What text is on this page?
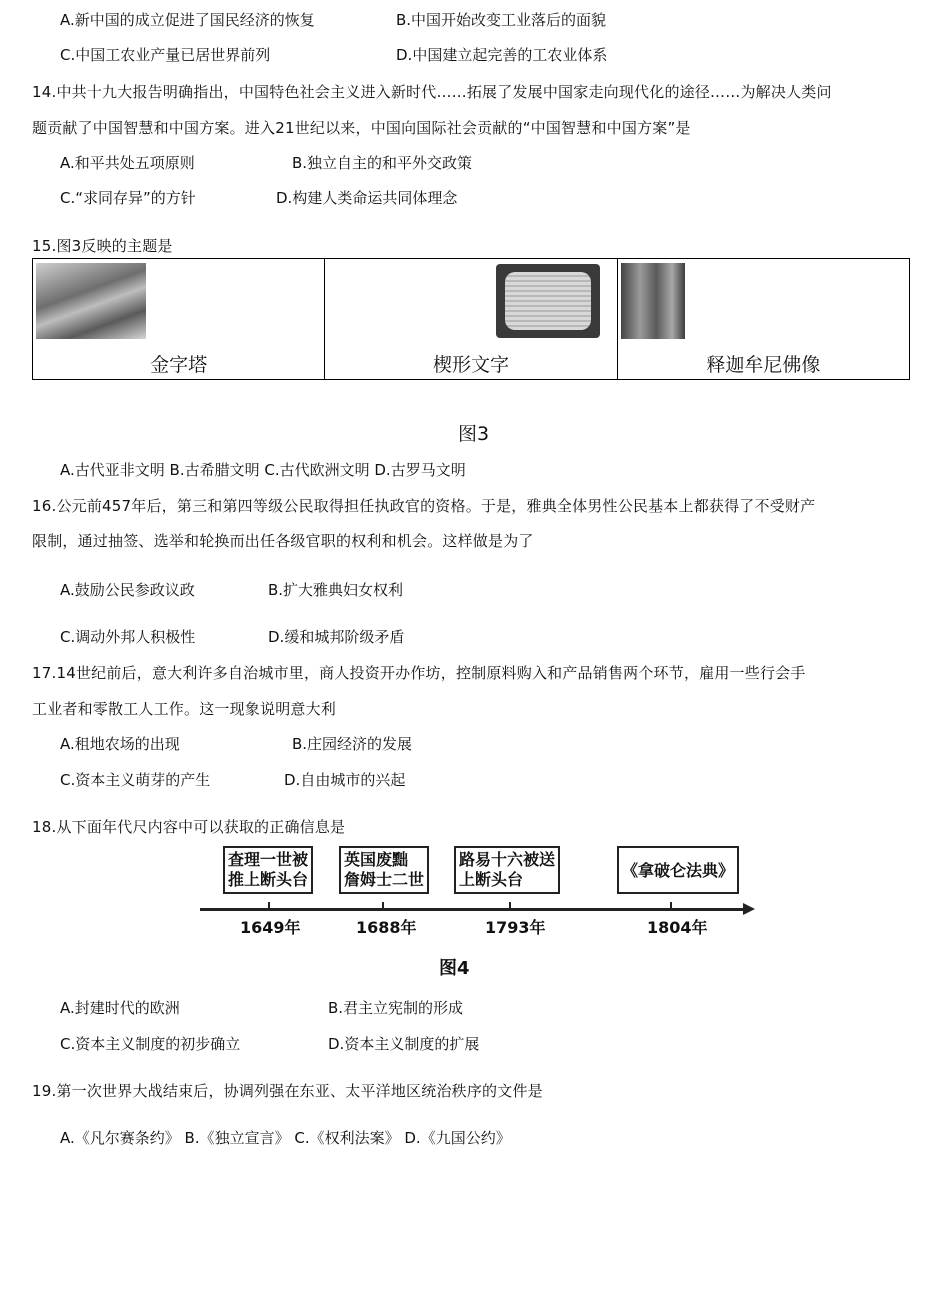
A.新中国的成立促进了国民经济的恢复	B.中国开始改变工业落后的面貌
C.中国工农业产量已居世界前列	D.中国建立起完善的工农业体系
14.中共十九大报告明确指出，中国特色社会主义进入新时代……拓展了发展中国家走向现代化的途径……为解决人类问
题贡献了中国智慧和中国方案。进入21世纪以来，中国向国际社会贡献的“中国智慧和中国方案”是
A.和平共处五项原则	B.独立自主的和平外交政策
C.“求同存异”的方针	D.构建人类命运共同体理念
15.图3反映的主题是
金字塔	楔形文字	释迦牟尼佛像
图3
A.古代亚非文明 B.古希腊文明 C.古代欧洲文明 D.古罗马文明
16.公元前457年后，第三和第四等级公民取得担任执政官的资格。于是，雅典全体男性公民基本上都获得了不受财产
限制，通过抽签、选举和轮换而出任各级官职的权利和机会。这样做是为了
A.鼓励公民参政议政	B.扩大雅典妇女权利
C.调动外邦人积极性	D.缓和城邦阶级矛盾
17.14世纪前后，意大利许多自治城市里，商人投资开办作坊，控制原料购入和产品销售两个环节，雇用一些行会手
工业者和零散工人工作。这一现象说明意大利
A.租地农场的出现	B.庄园经济的发展
C.资本主义萌芽的产生	D.自由城市的兴起
18.从下面年代尺内容中可以获取的正确信息是
查理一世被
推上断头台
1649年
英国废黜
詹姆士二世
1688年
路易十六被送
上断头台
1793年
《拿破仑法典》
1804年
图4
A.封建时代的欧洲	B.君主立宪制的形成
C.资本主义制度的初步确立	D.资本主义制度的扩展
19.第一次世界大战结束后，协调列强在东亚、太平洋地区统治秩序的文件是
A.《凡尔赛条约》 B.《独立宣言》 C.《权利法案》 D.《九国公约》
